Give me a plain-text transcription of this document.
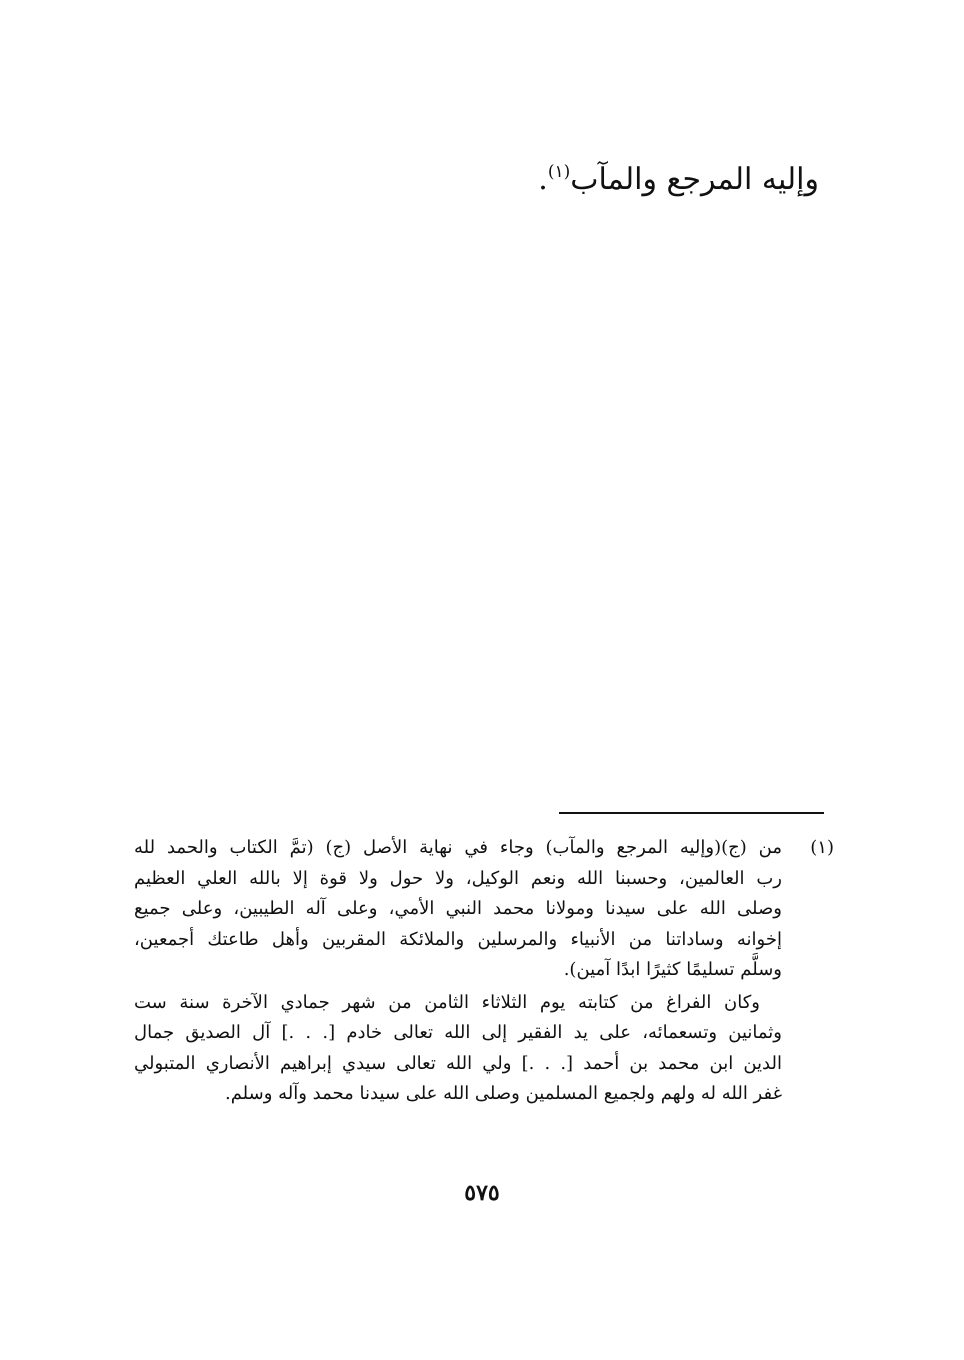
وإليه المرجع والمآب$^{(١)}$.
(١)
من (ج)(وإليه المرجع والمآب) وجاء في نهاية الأصل (ج) (تمَّ الكتاب والحمد لله
رب العالمين، وحسبنا الله ونعم الوكيل، ولا حول ولا قوة إلا بالله العلي العظيم
وصلى الله على سيدنا ومولانا محمد النبي الأمي، وعلى آله الطيبين، وعلى جميع
إخوانه وساداتنا من الأنبياء والمرسلين والملائكة المقربين وأهل طاعتك أجمعين،
وسلَّم تسليمًا كثيرًا ابدًا آمين).
وكان الفراغ من كتابته يوم الثلاثاء الثامن من شهر جمادي الآخرة سنة ست
وثمانين وتسعمائه، على يد الفقير إلى الله تعالى خادم [. . .] آل الصديق جمال
الدين ابن محمد بن أحمد [. . .] ولي الله تعالى سيدي إبراهيم الأنصاري المتبولي
غفر الله له ولهم ولجميع المسلمين وصلى الله على سيدنا محمد وآله وسلم.
٥٧٥
